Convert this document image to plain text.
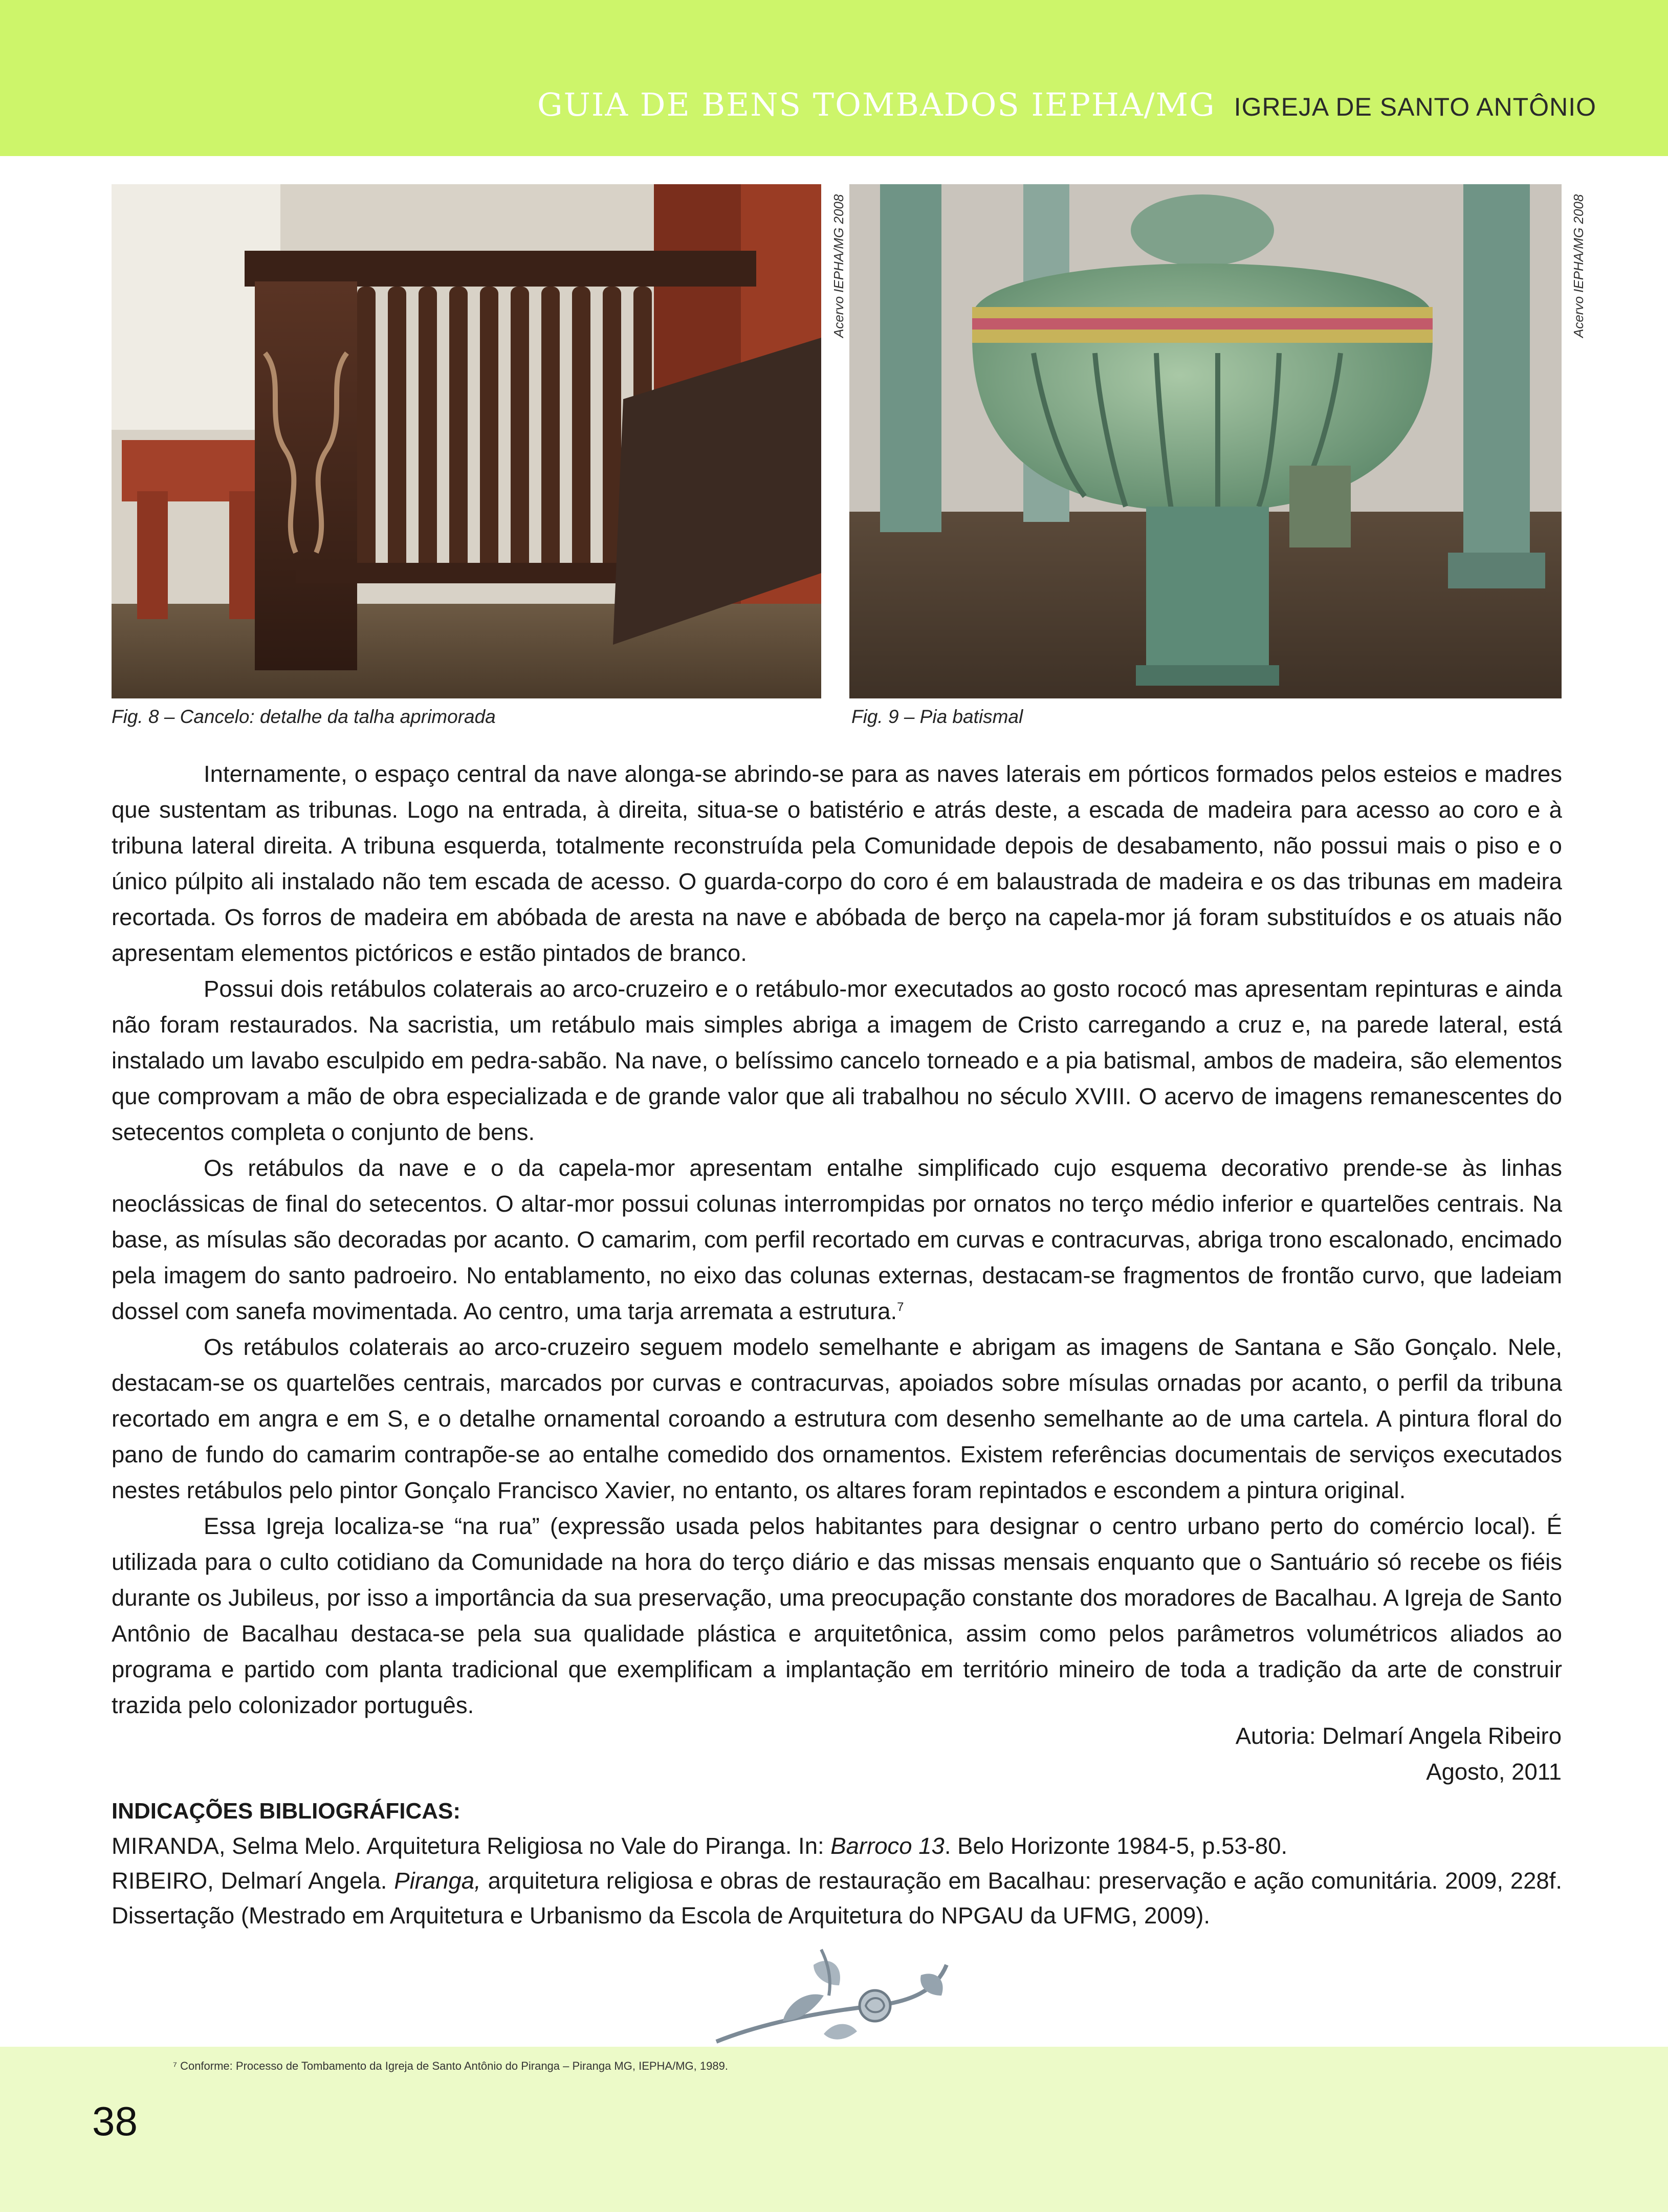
GUIA DE BENS TOMBADOS IEPHA/MG IGREJA DE SANTO ANTÔNIO
Acervo IEPHA/MG 2008	Acervo IEPHA/MG 2008
Fig. 8 – Cancelo: detalhe da talha aprimorada	Fig. 9 – Pia batismal

Internamente, o espaço central da nave alonga-se abrindo-se para as naves laterais em pórticos formados pelos esteios e madres que sustentam as tribunas. Logo na entrada, à direita, situa-se o batistério e atrás deste, a escada de madeira para acesso ao coro e à tribuna lateral direita. A tribuna esquerda, totalmente reconstruída pela Comunidade depois de desabamento, não possui mais o piso e o único púlpito ali instalado não tem escada de acesso. O guarda-corpo do coro é em balaustrada de madeira e os das tribunas em madeira recortada. Os forros de madeira em abóbada de aresta na nave e abóbada de berço na capela-mor já foram substituídos e os atuais não apresentam elementos pictóricos e estão pintados de branco.

Possui dois retábulos colaterais ao arco-cruzeiro e o retábulo-mor executados ao gosto rococó mas apresentam repinturas e ainda não foram restaurados. Na sacristia, um retábulo mais simples abriga a imagem de Cristo carregando a cruz e, na parede lateral, está instalado um lavabo esculpido em pedra-sabão. Na nave, o belíssimo cancelo torneado e a pia batismal, ambos de madeira, são elementos que comprovam a mão de obra especializada e de grande valor que ali trabalhou no século XVIII. O acervo de imagens remanescentes do setecentos completa o conjunto de bens.

Os retábulos da nave e o da capela-mor apresentam entalhe simplificado cujo esquema decorativo prende-se às linhas neoclássicas de final do setecentos. O altar-mor possui colunas interrompidas por ornatos no terço médio inferior e quartelões centrais. Na base, as mísulas são decoradas por acanto. O camarim, com perfil recortado em curvas e contracurvas, abriga trono escalonado, encimado pela imagem do santo padroeiro. No entablamento, no eixo das colunas externas, destacam-se fragmentos de frontão curvo, que ladeiam dossel com sanefa movimentada. Ao centro, uma tarja arremata a estrutura.$^7$

Os retábulos colaterais ao arco-cruzeiro seguem modelo semelhante e abrigam as imagens de Santana e São Gonçalo. Nele, destacam-se os quartelões centrais, marcados por curvas e contracurvas, apoiados sobre mísulas ornadas por acanto, o perfil da tribuna recortado em angra e em S, e o detalhe ornamental coroando a estrutura com desenho semelhante ao de uma cartela. A pintura floral do pano de fundo do camarim contrapõe-se ao entalhe comedido dos ornamentos. Existem referências documentais de serviços executados nestes retábulos pelo pintor Gonçalo Francisco Xavier, no entanto, os altares foram repintados e escondem a pintura original.

Essa Igreja localiza-se “na rua” (expressão usada pelos habitantes para designar o centro urbano perto do comércio local). É utilizada para o culto cotidiano da Comunidade na hora do terço diário e das missas mensais enquanto que o Santuário só recebe os fiéis durante os Jubileus, por isso a importância da sua preservação, uma preocupação constante dos moradores de Bacalhau. A Igreja de Santo Antônio de Bacalhau destaca-se pela sua qualidade plástica e arquitetônica, assim como pelos parâmetros volumétricos aliados ao programa e partido com planta tradicional que exemplificam a implantação em território mineiro de toda a tradição da arte de construir trazida pelo colonizador português.

Autoria: Delmarí Angela Ribeiro
Agosto, 2011

INDICAÇÕES BIBLIOGRÁFICAS:

MIRANDA, Selma Melo. Arquitetura Religiosa no Vale do Piranga. In: Barroco 13. Belo Horizonte 1984-5, p.53-80.

RIBEIRO, Delmarí Angela. Piranga, arquitetura religiosa e obras de restauração em Bacalhau: preservação e ação comunitária. 2009, 228f. Dissertação (Mestrado em Arquitetura e Urbanismo da Escola de Arquitetura do NPGAU da UFMG, 2009).

⁷ Conforme: Processo de Tombamento da Igreja de Santo Antônio do Piranga – Piranga MG, IEPHA/MG, 1989.
38
